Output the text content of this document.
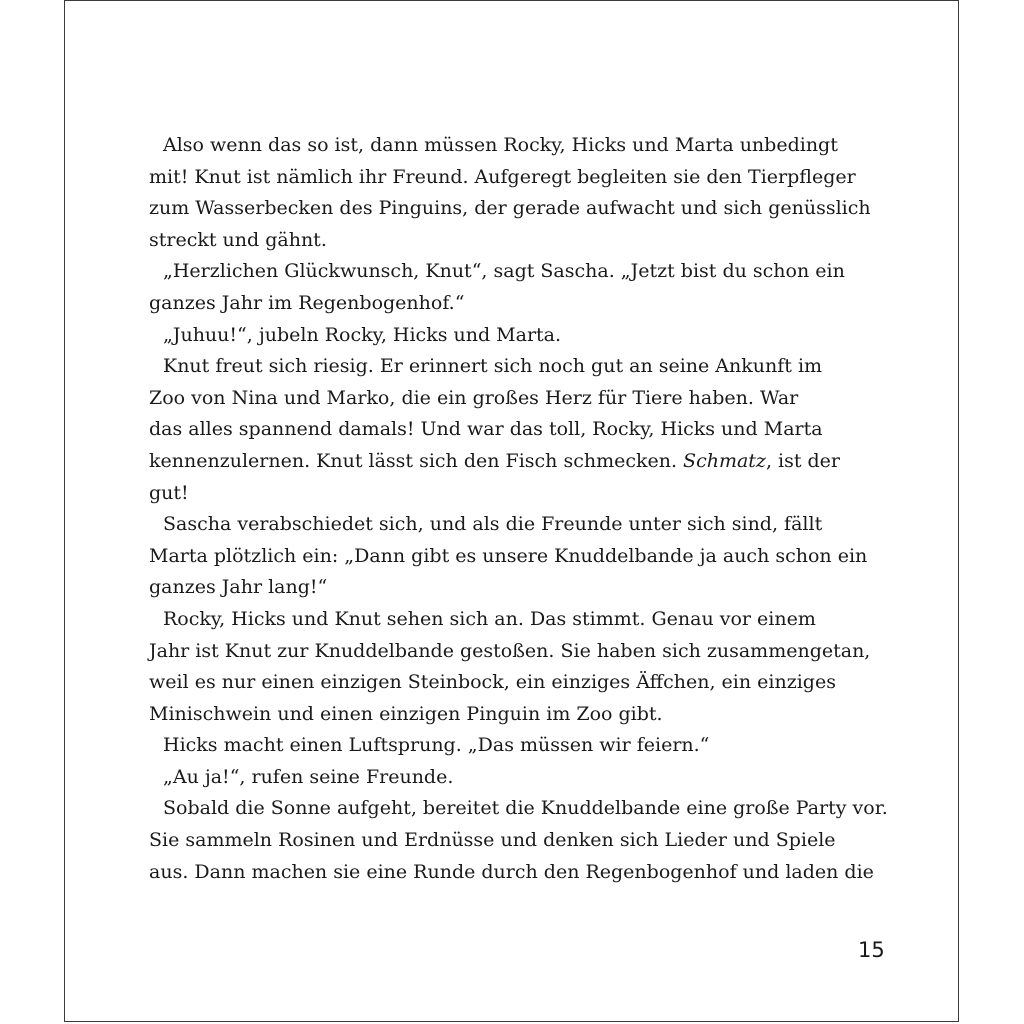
Also wenn das so ist, dann müssen Rocky, Hicks und Marta unbedingt
mit! Knut ist nämlich ihr Freund. Aufgeregt begleiten sie den Tierpfleger
zum Wasserbecken des Pinguins, der gerade aufwacht und sich genüsslich
streckt und gähnt.
„Herzlichen Glückwunsch, Knut“, sagt Sascha. „Jetzt bist du schon ein
ganzes Jahr im Regenbogenhof.“
„Juhuu!“, jubeln Rocky, Hicks und Marta.
Knut freut sich riesig. Er erinnert sich noch gut an seine Ankunft im
Zoo von Nina und Marko, die ein großes Herz für Tiere haben. War
das alles spannend damals! Und war das toll, Rocky, Hicks und Marta
kennenzulernen. Knut lässt sich den Fisch schmecken. Schmatz, ist der
gut!
Sascha verabschiedet sich, und als die Freunde unter sich sind, fällt
Marta plötzlich ein: „Dann gibt es unsere Knuddelbande ja auch schon ein
ganzes Jahr lang!“
Rocky, Hicks und Knut sehen sich an. Das stimmt. Genau vor einem
Jahr ist Knut zur Knuddelbande gestoßen. Sie haben sich zusammengetan,
weil es nur einen einzigen Steinbock, ein einziges Äffchen, ein einziges
Minischwein und einen einzigen Pinguin im Zoo gibt.
Hicks macht einen Luftsprung. „Das müssen wir feiern.“
„Au ja!“, rufen seine Freunde.
Sobald die Sonne aufgeht, bereitet die Knuddelbande eine große Party vor.
Sie sammeln Rosinen und Erdnüsse und denken sich Lieder und Spiele
aus. Dann machen sie eine Runde durch den Regenbogenhof und laden die
15
